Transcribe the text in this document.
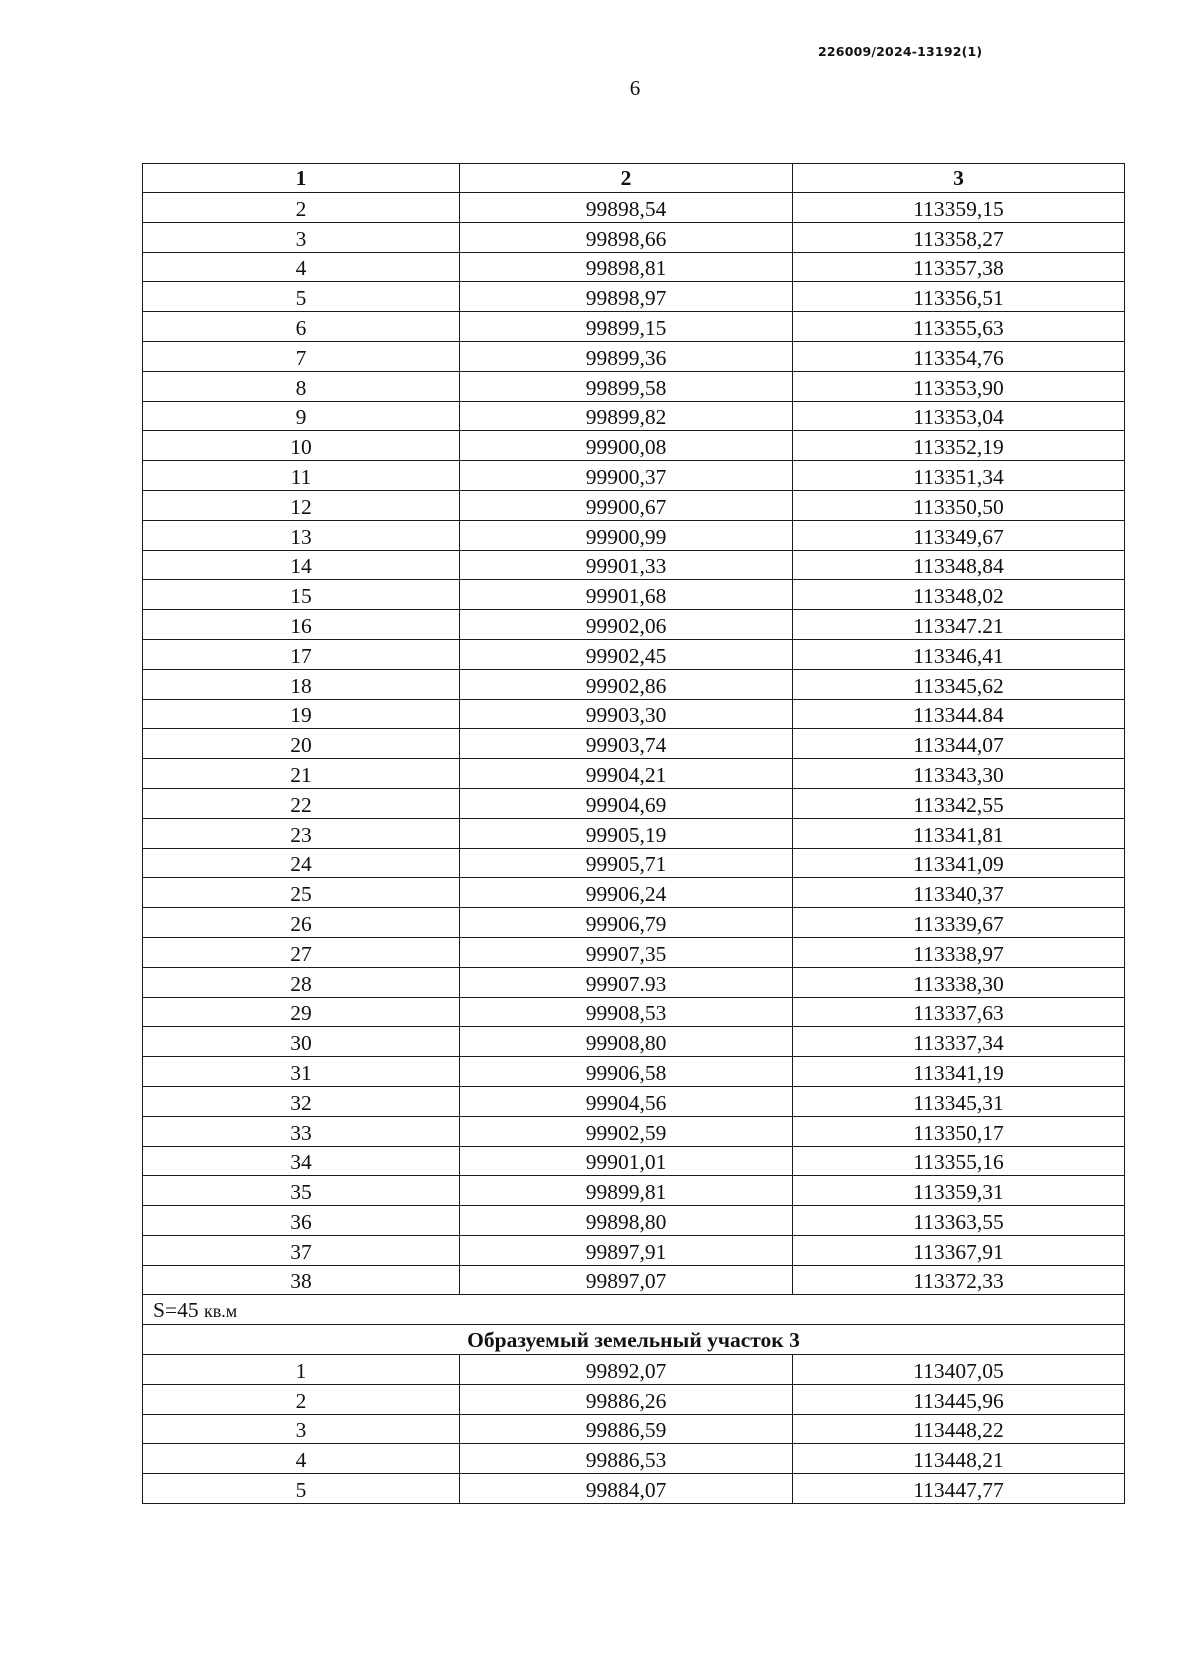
226009/2024-13192(1)
6
1	2	3
2	99898,54	113359,15
3	99898,66	113358,27
4	99898,81	113357,38
5	99898,97	113356,51
6	99899,15	113355,63
7	99899,36	113354,76
8	99899,58	113353,90
9	99899,82	113353,04
10	99900,08	113352,19
11	99900,37	113351,34
12	99900,67	113350,50
13	99900,99	113349,67
14	99901,33	113348,84
15	99901,68	113348,02
16	99902,06	113347.21
17	99902,45	113346,41
18	99902,86	113345,62
19	99903,30	113344.84
20	99903,74	113344,07
21	99904,21	113343,30
22	99904,69	113342,55
23	99905,19	113341,81
24	99905,71	113341,09
25	99906,24	113340,37
26	99906,79	113339,67
27	99907,35	113338,97
28	99907.93	113338,30
29	99908,53	113337,63
30	99908,80	113337,34
31	99906,58	113341,19
32	99904,56	113345,31
33	99902,59	113350,17
34	99901,01	113355,16
35	99899,81	113359,31
36	99898,80	113363,55
37	99897,91	113367,91
38	99897,07	113372,33
S=45 кв.м		
Образуемый земельный участок 3		
1	99892,07	113407,05
2	99886,26	113445,96
3	99886,59	113448,22
4	99886,53	113448,21
5	99884,07	113447,77
